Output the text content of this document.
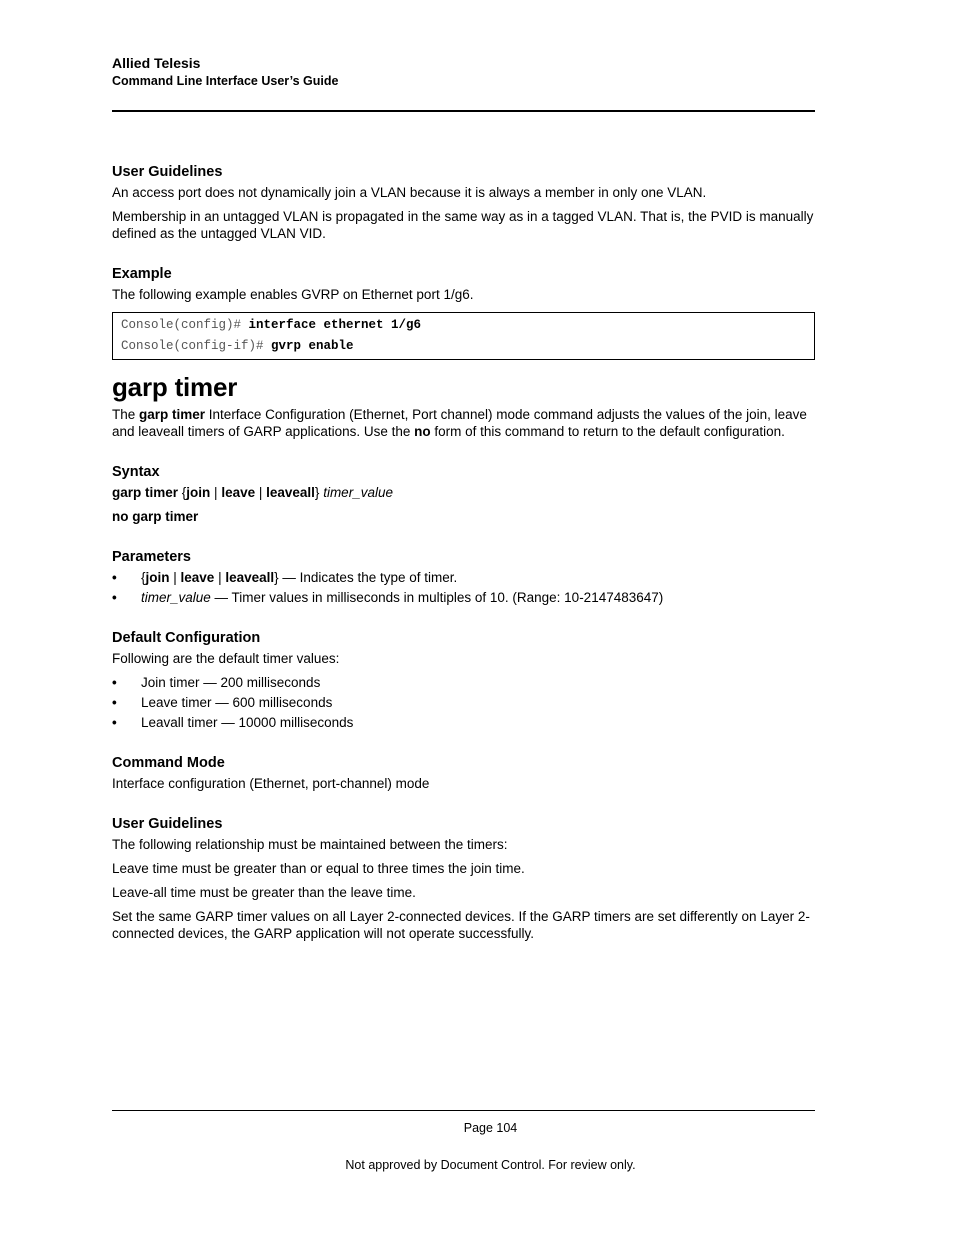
Allied Telesis
Command Line Interface User’s Guide
User Guidelines

An access port does not dynamically join a VLAN because it is always a member in only one VLAN.

Membership in an untagged VLAN is propagated in the same way as in a tagged VLAN. That is, the PVID is manually defined as the untagged VLAN VID.

Example

The following example enables GVRP on Ethernet port 1/g6.

Console(config)# interface ethernet 1/g6
Console(config-if)# gvrp enable
garp timer

The garp timer Interface Configuration (Ethernet, Port channel) mode command adjusts the values of the join, leave and leaveall timers of GARP applications. Use the no form of this command to return to the default configuration.

Syntax

garp timer {join | leave | leaveall} timer_value

no garp timer

Parameters
• {join | leave | leaveall} — Indicates the type of timer.
• timer_value — Timer values in milliseconds in multiples of 10. (Range: 10-2147483647)
Default Configuration

Following are the default timer values:

• Join timer — 200 milliseconds
• Leave timer — 600 milliseconds
• Leavall timer — 10000 milliseconds
Command Mode

Interface configuration (Ethernet, port-channel) mode

User Guidelines

The following relationship must be maintained between the timers:

Leave time must be greater than or equal to three times the join time.

Leave-all time must be greater than the leave time.

Set the same GARP timer values on all Layer 2-connected devices. If the GARP timers are set differently on Layer 2-connected devices, the GARP application will not operate successfully.

Page 104
Not approved by Document Control. For review only.
